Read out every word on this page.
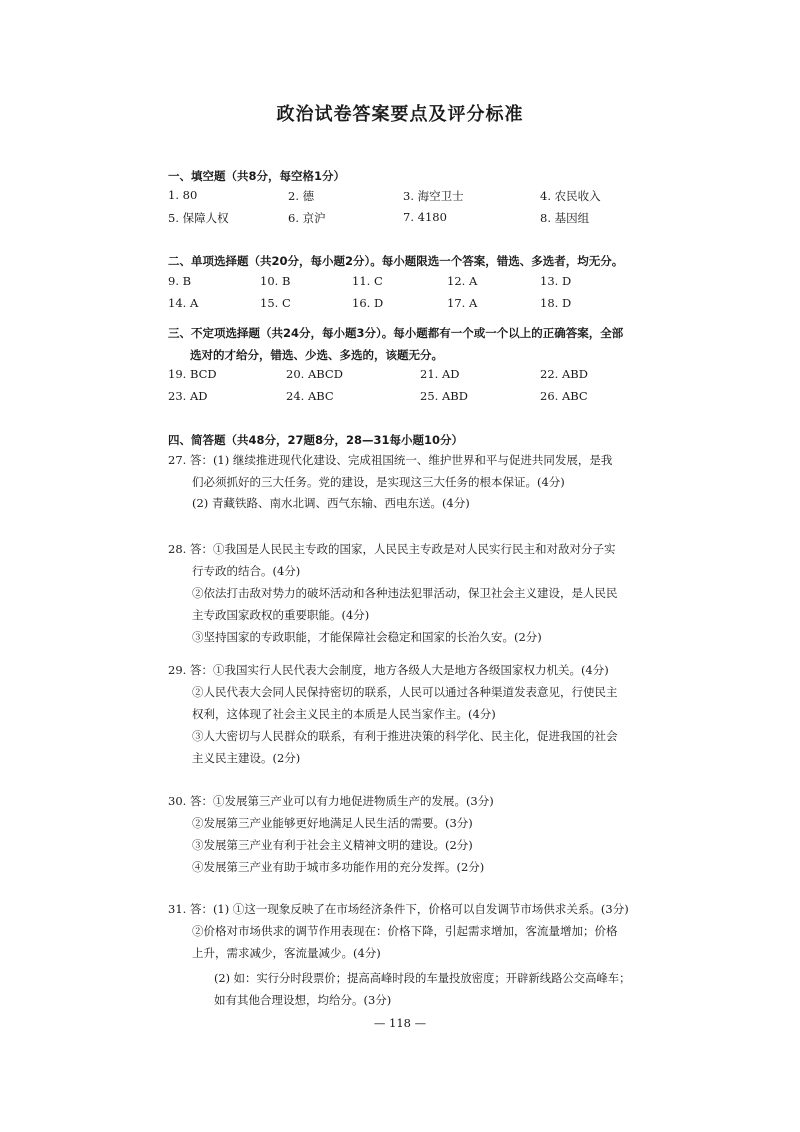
政治试卷答案要点及评分标准
一、填空题（共8分，每空格1分）
1. 80	2. 德	3. 海空卫士	4. 农民收入
5. 保障人权	6. 京沪	7. 4180	8. 基因组
二、单项选择题（共20分，每小题2分）。每小题限选一个答案，错选、多选者，均无分。
9. B	10. B	11. C	12. A	13. D
14. A	15. C	16. D	17. A	18. D
三、不定项选择题（共24分，每小题3分）。每小题都有一个或一个以上的正确答案，全部
选对的才给分，错选、少选、多选的，该题无分。
19. BCD	20. ABCD	21. AD	22. ABD
23. AD	24. ABC	25. ABD	26. ABC
四、简答题（共48分，27题8分，28—31每小题10分）
27. 答：(1) 继续推进现代化建设、完成祖国统一、维护世界和平与促进共同发展，是我
们必须抓好的三大任务。党的建设，是实现这三大任务的根本保证。(4分)
(2) 青藏铁路、南水北调、西气东输、西电东送。(4分)
28. 答：①我国是人民民主专政的国家，人民民主专政是对人民实行民主和对敌对分子实
行专政的结合。(4分)
②依法打击敌对势力的破坏活动和各种违法犯罪活动，保卫社会主义建设，是人民民
主专政国家政权的重要职能。(4分)
③坚持国家的专政职能，才能保障社会稳定和国家的长治久安。(2分)
29. 答：①我国实行人民代表大会制度，地方各级人大是地方各级国家权力机关。(4分)
②人民代表大会同人民保持密切的联系，人民可以通过各种渠道发表意见，行使民主
权利，这体现了社会主义民主的本质是人民当家作主。(4分)
③人大密切与人民群众的联系，有利于推进决策的科学化、民主化，促进我国的社会
主义民主建设。(2分)
30. 答：①发展第三产业可以有力地促进物质生产的发展。(3分)
②发展第三产业能够更好地满足人民生活的需要。(3分)
③发展第三产业有利于社会主义精神文明的建设。(2分)
④发展第三产业有助于城市多功能作用的充分发挥。(2分)
31. 答：(1) ①这一现象反映了在市场经济条件下，价格可以自发调节市场供求关系。(3分)
②价格对市场供求的调节作用表现在：价格下降，引起需求增加，客流量增加；价格
上升，需求减少，客流量减少。(4分)
(2) 如：实行分时段票价；提高高峰时段的车量投放密度；开辟新线路公交高峰车；
如有其他合理设想，均给分。(3分)
— 118 —
